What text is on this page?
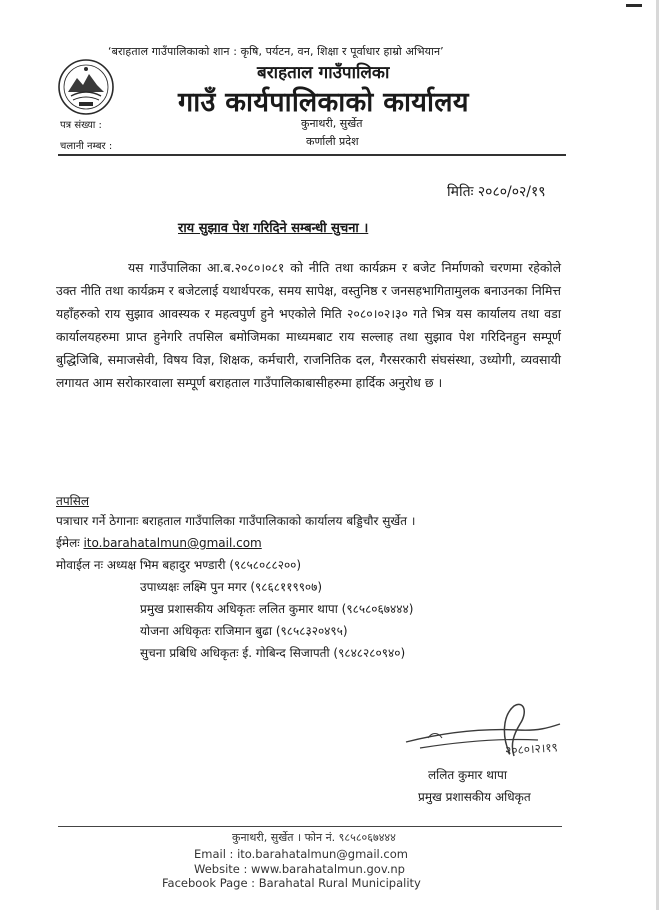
‘बराहताल गाउँपालिकाको शान : कृषि, पर्यटन, वन, शिक्षा र पूर्वाधार हाम्रो अभियान’
बराहताल गाउँपालिका
गाउँ कार्यपालिकाको कार्यालय
पत्र संख्या :
चलानी नम्बर :
कुनाथरी, सुर्खेत
कर्णाली प्रदेश
मितिः २०८०/०२/१९
राय सुझाव पेश गरिदिने सम्बन्धी सुचना ।
यस गाउँपालिका आ.ब.२०८०।०८१ को नीति तथा कार्यक्रम र बजेट निर्माणको चरणमा रहेकोले उक्त नीति तथा कार्यक्रम र बजेटलाई यथार्थपरक, समय सापेक्ष, वस्तुनिष्ठ र जनसहभागितामुलक बनाउनका निमित्त यहाँहरुको राय सुझाव आवस्यक र महत्वपुर्ण हुने भएकोले मिति २०८०।०२।३० गते भित्र यस कार्यालय तथा वडा कार्यालयहरुमा प्राप्त हुनेगरि तपसिल बमोजिमका माध्यमबाट राय सल्लाह तथा सुझाव पेश गरिदिनहुन सम्पूर्ण बुद्धिजिबि, समाजसेवी, विषय विज्ञ, शिक्षक, कर्मचारी, राजनितिक दल, गैरसरकारी संघसंस्था, उध्योगी, व्यवसायी लगायत आम सरोकारवाला सम्पूर्ण बराहताल गाउँपालिकाबासीहरुमा हार्दिक अनुरोध छ ।
तपसिल
पत्राचार गर्ने ठेगानाः बराहताल गाउँपालिका गाउँपालिकाको कार्यालय बड्डिचौर सुर्खेत ।
ईमेलः ito.barahatalmun@gmail.com
मोवाईल नः अध्यक्ष भिम बहादुर भण्डारी (९८५८०८८२००)
उपाध्यक्षः लक्ष्मि पुन मगर (९८६८११९९०७)
प्रमुख प्रशासकीय अधिकृतः ललित कुमार थापा (९८५८०६७४४४)
योजना अधिकृतः राजिमान बुढा (९८५८३२०४९५)
सुचना प्रबिधि अधिकृतः ई. गोबिन्द सिजापती (९८४८२८०९४०)
२०८०।२।१९
ललित कुमार थापा
प्रमुख प्रशासकीय अधिकृत
कुनाथरी, सुर्खेत । फोन नं. ९८५८०६७४४४
Email : ito.barahatalmun@gmail.com
Website : www.barahatalmun.gov.np
Facebook Page : Barahatal Rural Municipality
